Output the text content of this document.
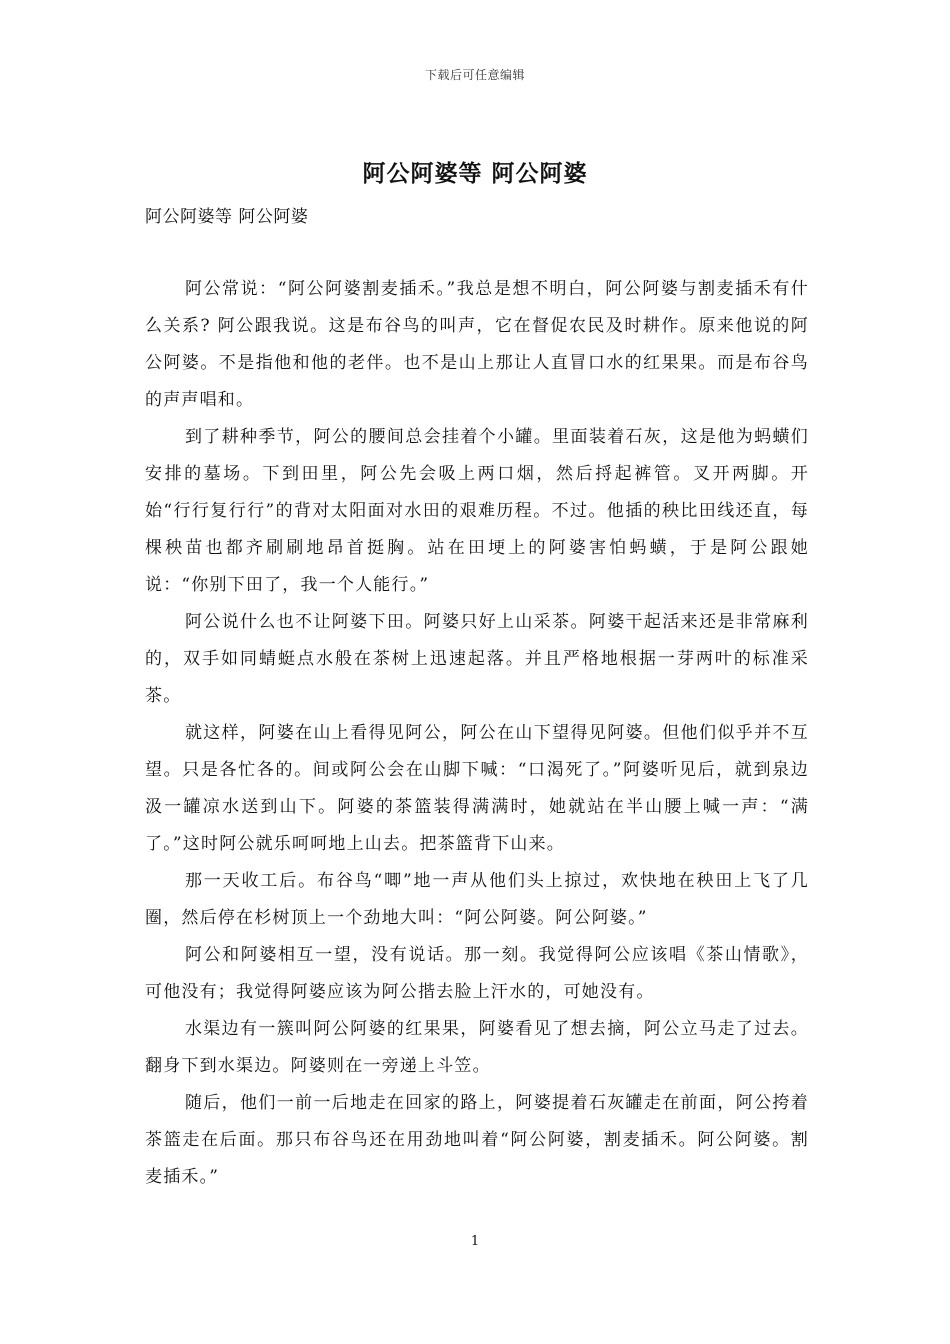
下载后可任意编辑
阿公阿婆等 阿公阿婆
阿公阿婆等 阿公阿婆

阿公常说：“阿公阿婆割麦插禾。”我总是想不明白，阿公阿婆与割麦插禾有什么关系? 阿公跟我说。这是布谷鸟的叫声，它在督促农民及时耕作。原来他说的阿公阿婆。不是指他和他的老伴。也不是山上那让人直冒口水的红果果。而是布谷鸟的声声唱和。

到了耕种季节，阿公的腰间总会挂着个小罐。里面装着石灰，这是他为蚂蟥们安排的墓场。下到田里，阿公先会吸上两口烟，然后捋起裤管。叉开两脚。开始“行行复行行”的背对太阳面对水田的艰难历程。不过。他插的秧比田线还直，每棵秧苗也都齐刷刷地昂首挺胸。站在田埂上的阿婆害怕蚂蟥，于是阿公跟她说：“你别下田了，我一个人能行。”

阿公说什么也不让阿婆下田。阿婆只好上山采茶。阿婆干起活来还是非常麻利的，双手如同蜻蜓点水般在茶树上迅速起落。并且严格地根据一芽两叶的标准采茶。

就这样，阿婆在山上看得见阿公，阿公在山下望得见阿婆。但他们似乎并不互望。只是各忙各的。间或阿公会在山脚下喊：“口渴死了。”阿婆听见后，就到泉边汲一罐凉水送到山下。阿婆的茶篮装得满满时，她就站在半山腰上喊一声：“满了。”这时阿公就乐呵呵地上山去。把茶篮背下山来。

那一天收工后。布谷鸟“唧”地一声从他们头上掠过，欢快地在秧田上飞了几圈，然后停在杉树顶上一个劲地大叫：“阿公阿婆。阿公阿婆。”

阿公和阿婆相互一望，没有说话。那一刻。我觉得阿公应该唱《茶山情歌》，可他没有；我觉得阿婆应该为阿公揩去脸上汗水的，可她没有。

水渠边有一簇叫阿公阿婆的红果果，阿婆看见了想去摘，阿公立马走了过去。翻身下到水渠边。阿婆则在一旁递上斗笠。

随后，他们一前一后地走在回家的路上，阿婆提着石灰罐走在前面，阿公挎着茶篮走在后面。那只布谷鸟还在用劲地叫着“阿公阿婆，割麦插禾。阿公阿婆。割麦插禾。”

1
